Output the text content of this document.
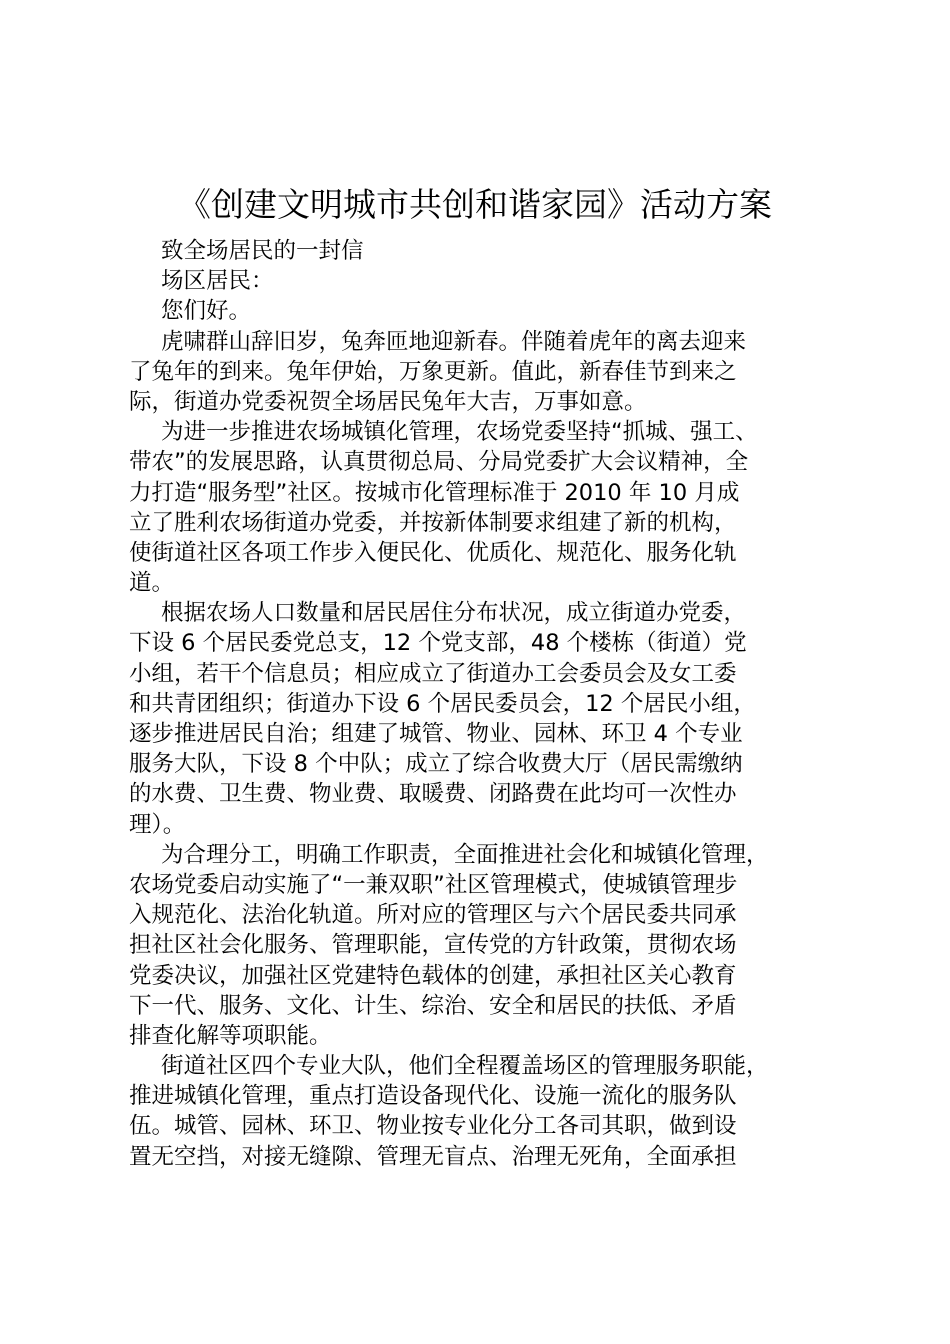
《创建文明城市共创和谐家园》活动方案
致全场居民的一封信
场区居民：
您们好。
虎啸群山辞旧岁，兔奔匝地迎新春。伴随着虎年的离去迎来
了兔年的到来。兔年伊始，万象更新。值此，新春佳节到来之
际，街道办党委祝贺全场居民兔年大吉，万事如意。
为进一步推进农场城镇化管理，农场党委坚持“抓城、强工、
带农”的发展思路，认真贯彻总局、分局党委扩大会议精神，全
力打造“服务型”社区。按城市化管理标准于 2010 年 10 月成
立了胜利农场街道办党委，并按新体制要求组建了新的机构，
使街道社区各项工作步入便民化、优质化、规范化、服务化轨
道。
根据农场人口数量和居民居住分布状况，成立街道办党委，
下设 6 个居民委党总支，12 个党支部，48 个楼栋（街道）党
小组，若干个信息员；相应成立了街道办工会委员会及女工委
和共青团组织；街道办下设 6 个居民委员会，12 个居民小组，
逐步推进居民自治；组建了城管、物业、园林、环卫 4 个专业
服务大队，下设 8 个中队；成立了综合收费大厅（居民需缴纳
的水费、卫生费、物业费、取暖费、闭路费在此均可一次性办
理）。
为合理分工，明确工作职责，全面推进社会化和城镇化管理，
农场党委启动实施了“一兼双职”社区管理模式，使城镇管理步
入规范化、法治化轨道。所对应的管理区与六个居民委共同承
担社区社会化服务、管理职能，宣传党的方针政策，贯彻农场
党委决议，加强社区党建特色载体的创建，承担社区关心教育
下一代、服务、文化、计生、综治、安全和居民的扶低、矛盾
排查化解等项职能。
街道社区四个专业大队，他们全程覆盖场区的管理服务职能，
推进城镇化管理，重点打造设备现代化、设施一流化的服务队
伍。城管、园林、环卫、物业按专业化分工各司其职，做到设
置无空挡，对接无缝隙、管理无盲点、治理无死角，全面承担
